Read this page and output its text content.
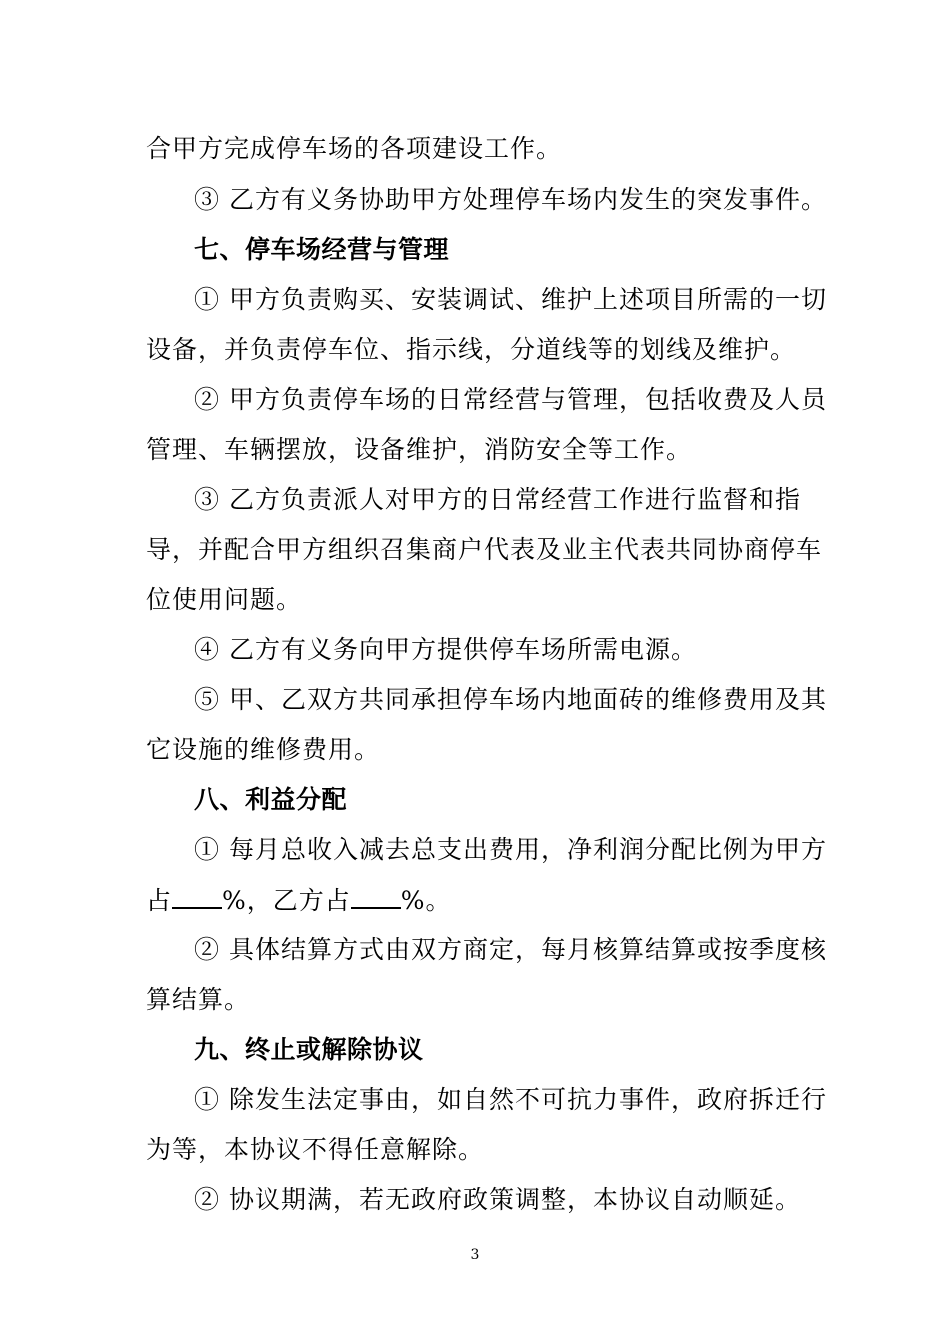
合甲方完成停车场的各项建设工作。
③ 乙方有义务协助甲方处理停车场内发生的突发事件。
七、停车场经营与管理
① 甲方负责购买、安装调试、维护上述项目所需的一切
设备，并负责停车位、指示线，分道线等的划线及维护。
② 甲方负责停车场的日常经营与管理，包括收费及人员
管理、车辆摆放，设备维护，消防安全等工作。
③ 乙方负责派人对甲方的日常经营工作进行监督和指
导，并配合甲方组织召集商户代表及业主代表共同协商停车
位使用问题。
④ 乙方有义务向甲方提供停车场所需电源。
⑤ 甲、乙双方共同承担停车场内地面砖的维修费用及其
它设施的维修费用。
八、利益分配
① 每月总收入减去总支出费用，净利润分配比例为甲方
占 %，乙方占 %。
② 具体结算方式由双方商定，每月核算结算或按季度核
算结算。
九、终止或解除协议
① 除发生法定事由，如自然不可抗力事件，政府拆迁行
为等，本协议不得任意解除。
② 协议期满，若无政府政策调整，本协议自动顺延。
3
